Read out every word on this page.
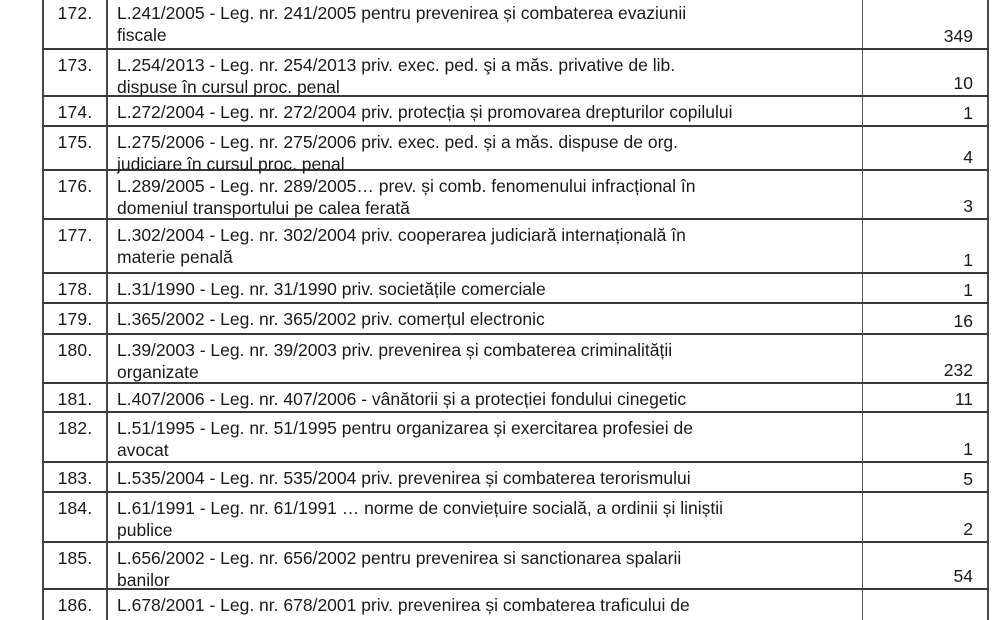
172.	L.241/2005 - Leg. nr. 241/2005 pentru prevenirea și combaterea evaziunii
fiscale	349
173.	L.254/2013 - Leg. nr. 254/2013 priv. exec. ped. şi a măs. privative de lib.
dispuse în cursul proc. penal	10
174.	L.272/2004 - Leg. nr. 272/2004 priv. protecția și promovarea drepturilor copilului	1
175.	L.275/2006 - Leg. nr. 275/2006 priv. exec. ped. și a măs. dispuse de org.
judiciare în cursul proc. penal	4
176.	L.289/2005 - Leg. nr. 289/2005… prev. și comb. fenomenului infracțional în
domeniul transportului pe calea ferată	3
177.	L.302/2004 - Leg. nr. 302/2004 priv. cooperarea judiciară internațională în
materie penală	1
178.	L.31/1990 - Leg. nr. 31/1990 priv. societățile comerciale	1
179.	L.365/2002 - Leg. nr. 365/2002 priv. comerțul electronic	16
180.	L.39/2003 - Leg. nr. 39/2003 priv. prevenirea și combaterea criminalității
organizate	232
181.	L.407/2006 - Leg. nr. 407/2006 - vânătorii și a protecției fondului cinegetic	11
182.	L.51/1995 - Leg. nr. 51/1995 pentru organizarea și exercitarea profesiei de
avocat	1
183.	L.535/2004 - Leg. nr. 535/2004 priv. prevenirea și combaterea terorismului	5
184.	L.61/1991 - Leg. nr. 61/1991 … norme de conviețuire socială, a ordinii și liniștii
publice	2
185.	L.656/2002 - Leg. nr. 656/2002 pentru prevenirea si sanctionarea spalarii
banilor	54
186.	L.678/2001 - Leg. nr. 678/2001 priv. prevenirea și combaterea traficului de
